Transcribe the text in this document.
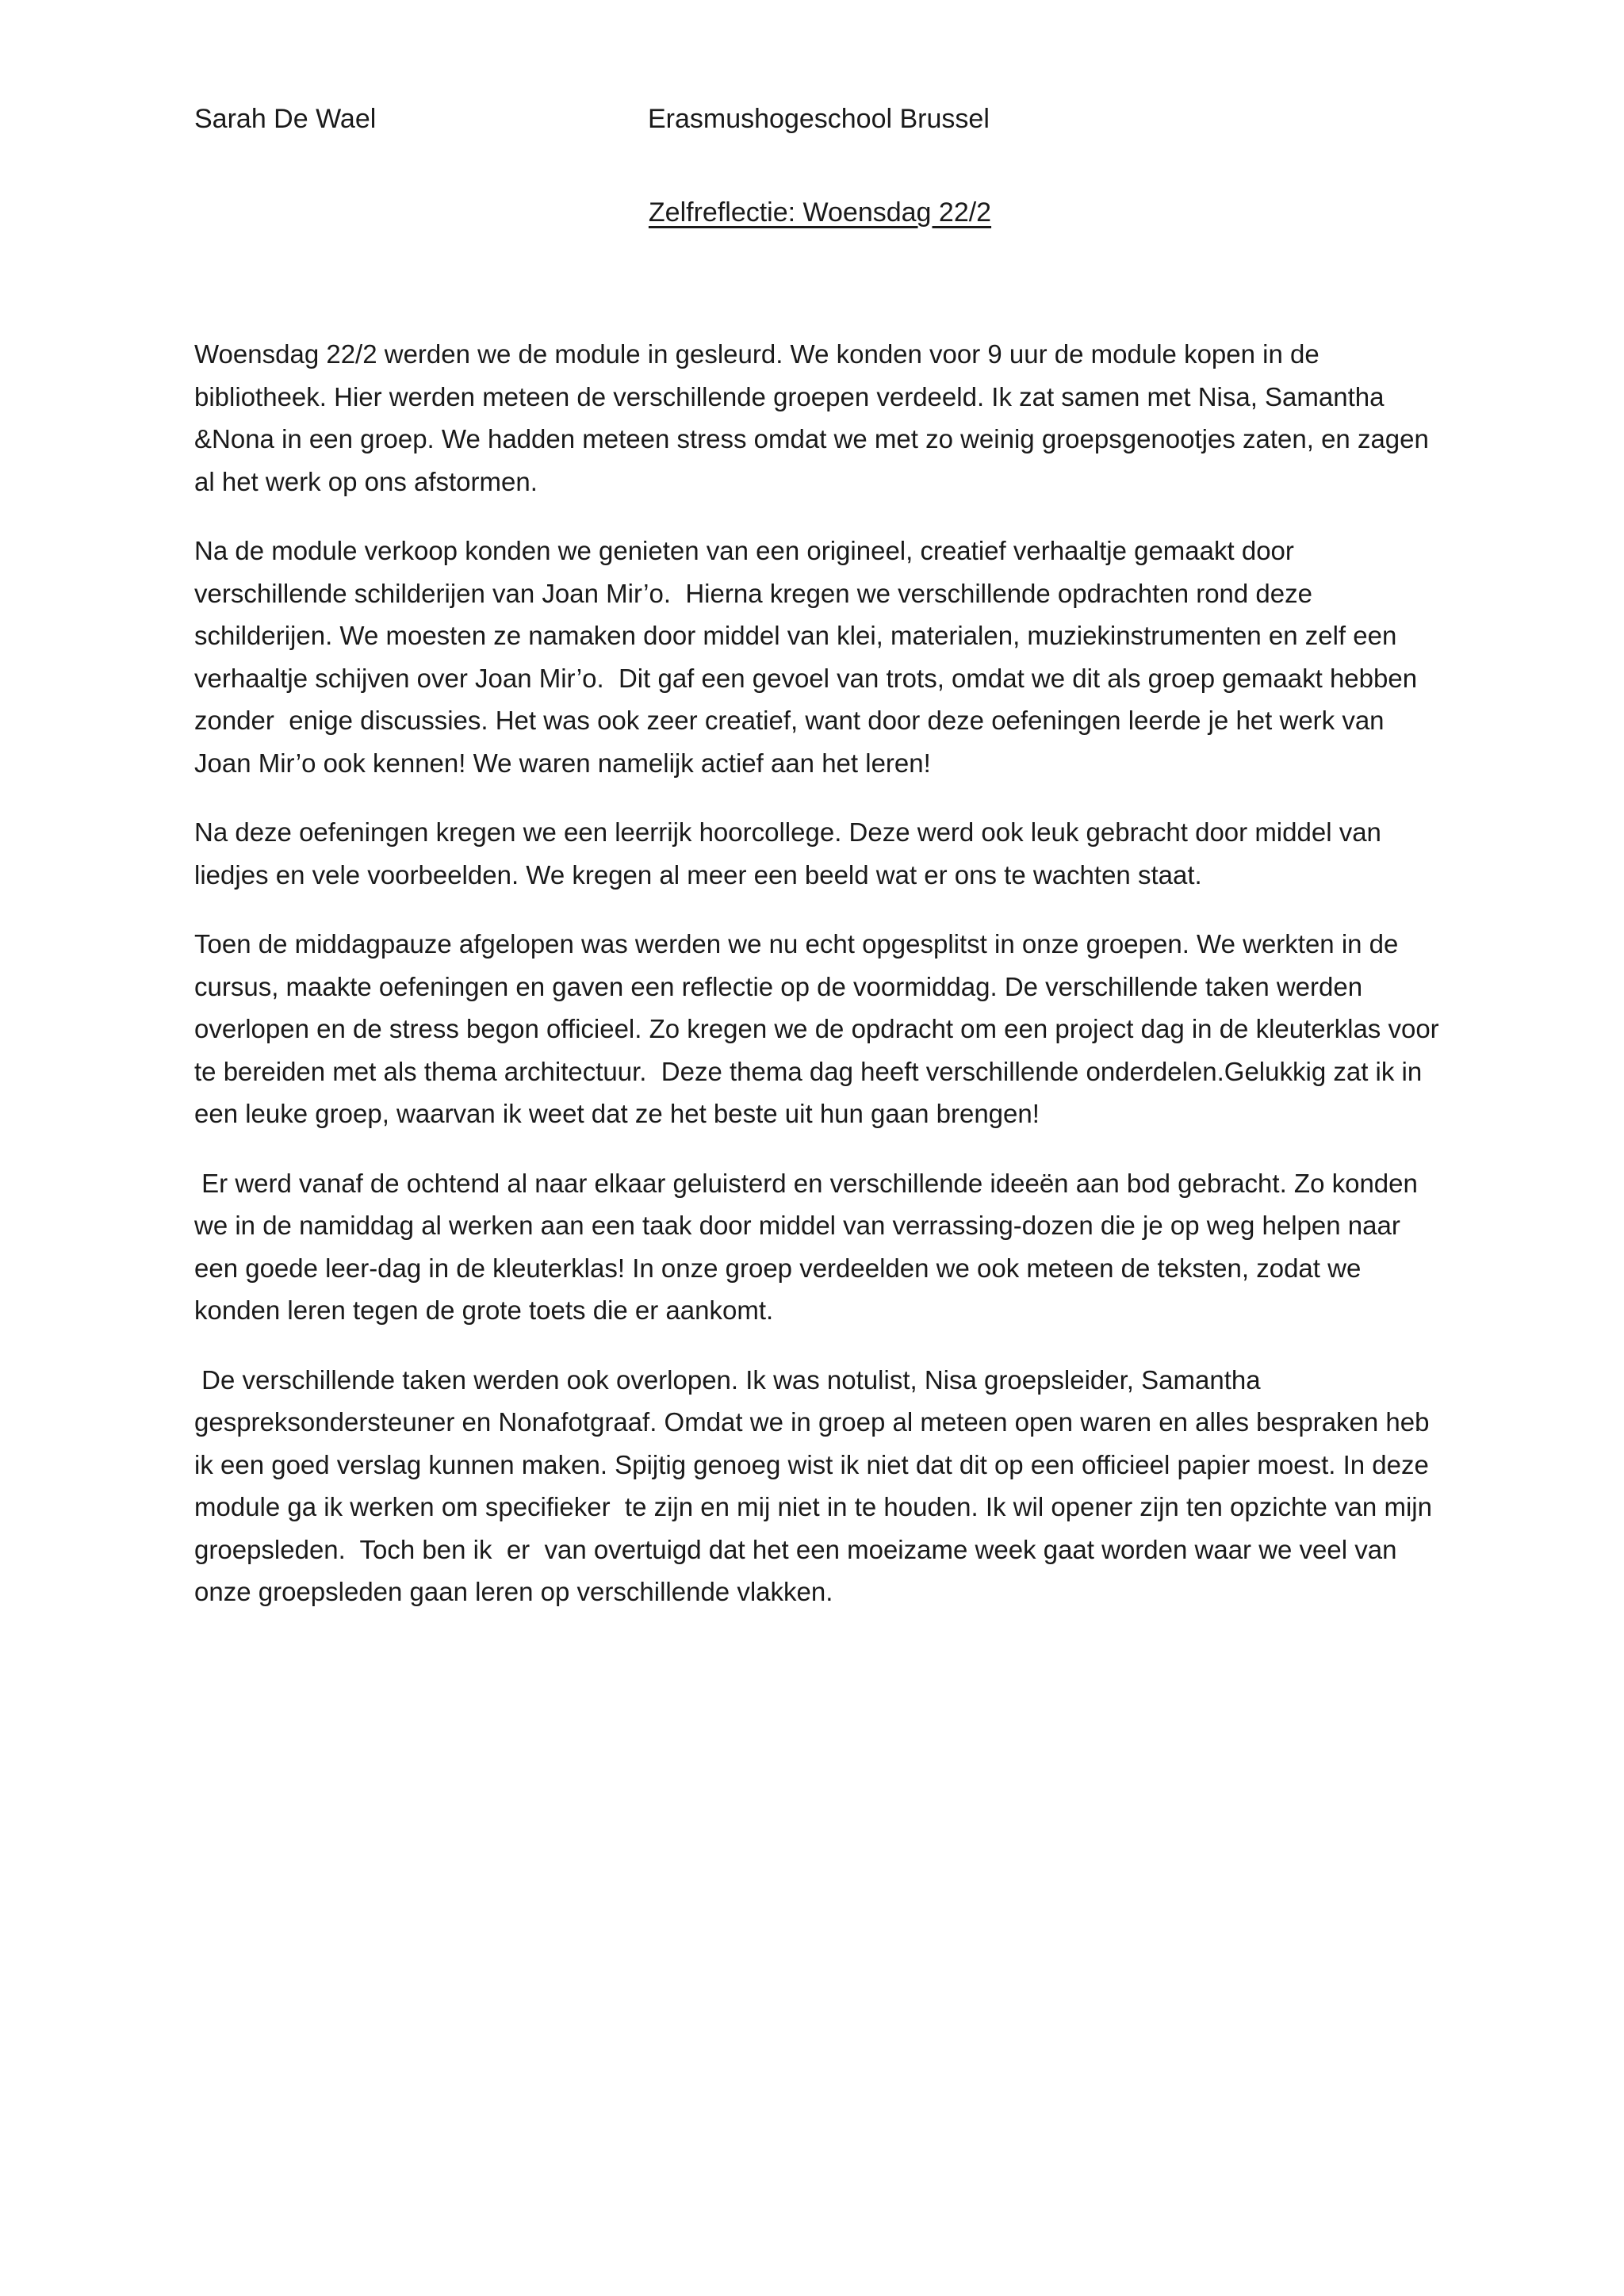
Sarah De Wael	Erasmushogeschool Brussel
Zelfreflectie: Woensdag 22/2

Woensdag 22/2 werden we de module in gesleurd. We konden voor 9 uur de module kopen in de bibliotheek. Hier werden meteen de verschillende groepen verdeeld. Ik zat samen met Nisa, Samantha &Nona in een groep. We hadden meteen stress omdat we met zo weinig groepsgenootjes zaten, en zagen al het werk op ons afstormen.

Na de module verkoop konden we genieten van een origineel, creatief verhaaltje gemaakt door verschillende schilderijen van Joan Mir’o.  Hierna kregen we verschillende opdrachten rond deze schilderijen. We moesten ze namaken door middel van klei, materialen, muziekinstrumenten en zelf een verhaaltje schijven over Joan Mir’o.  Dit gaf een gevoel van trots, omdat we dit als groep gemaakt hebben zonder  enige discussies. Het was ook zeer creatief, want door deze oefeningen leerde je het werk van Joan Mir’o ook kennen! We waren namelijk actief aan het leren!

Na deze oefeningen kregen we een leerrijk hoorcollege. Deze werd ook leuk gebracht door middel van liedjes en vele voorbeelden. We kregen al meer een beeld wat er ons te wachten staat.

Toen de middagpauze afgelopen was werden we nu echt opgesplitst in onze groepen. We werkten in de cursus, maakte oefeningen en gaven een reflectie op de voormiddag. De verschillende taken werden overlopen en de stress begon officieel. Zo kregen we de opdracht om een project dag in de kleuterklas voor te bereiden met als thema architectuur.  Deze thema dag heeft verschillende onderdelen.Gelukkig zat ik in een leuke groep, waarvan ik weet dat ze het beste uit hun gaan brengen!

Er werd vanaf de ochtend al naar elkaar geluisterd en verschillende ideeën aan bod gebracht. Zo konden we in de namiddag al werken aan een taak door middel van verrassing-dozen die je op weg helpen naar een goede leer-dag in de kleuterklas! In onze groep verdeelden we ook meteen de teksten, zodat we konden leren tegen de grote toets die er aankomt.

De verschillende taken werden ook overlopen. Ik was notulist, Nisa groepsleider, Samantha gespreksondersteuner en Nonafotgraaf. Omdat we in groep al meteen open waren en alles bespraken heb ik een goed verslag kunnen maken. Spijtig genoeg wist ik niet dat dit op een officieel papier moest. In deze module ga ik werken om specifieker  te zijn en mij niet in te houden. Ik wil opener zijn ten opzichte van mijn groepsleden.  Toch ben ik  er  van overtuigd dat het een moeizame week gaat worden waar we veel van onze groepsleden gaan leren op verschillende vlakken.
